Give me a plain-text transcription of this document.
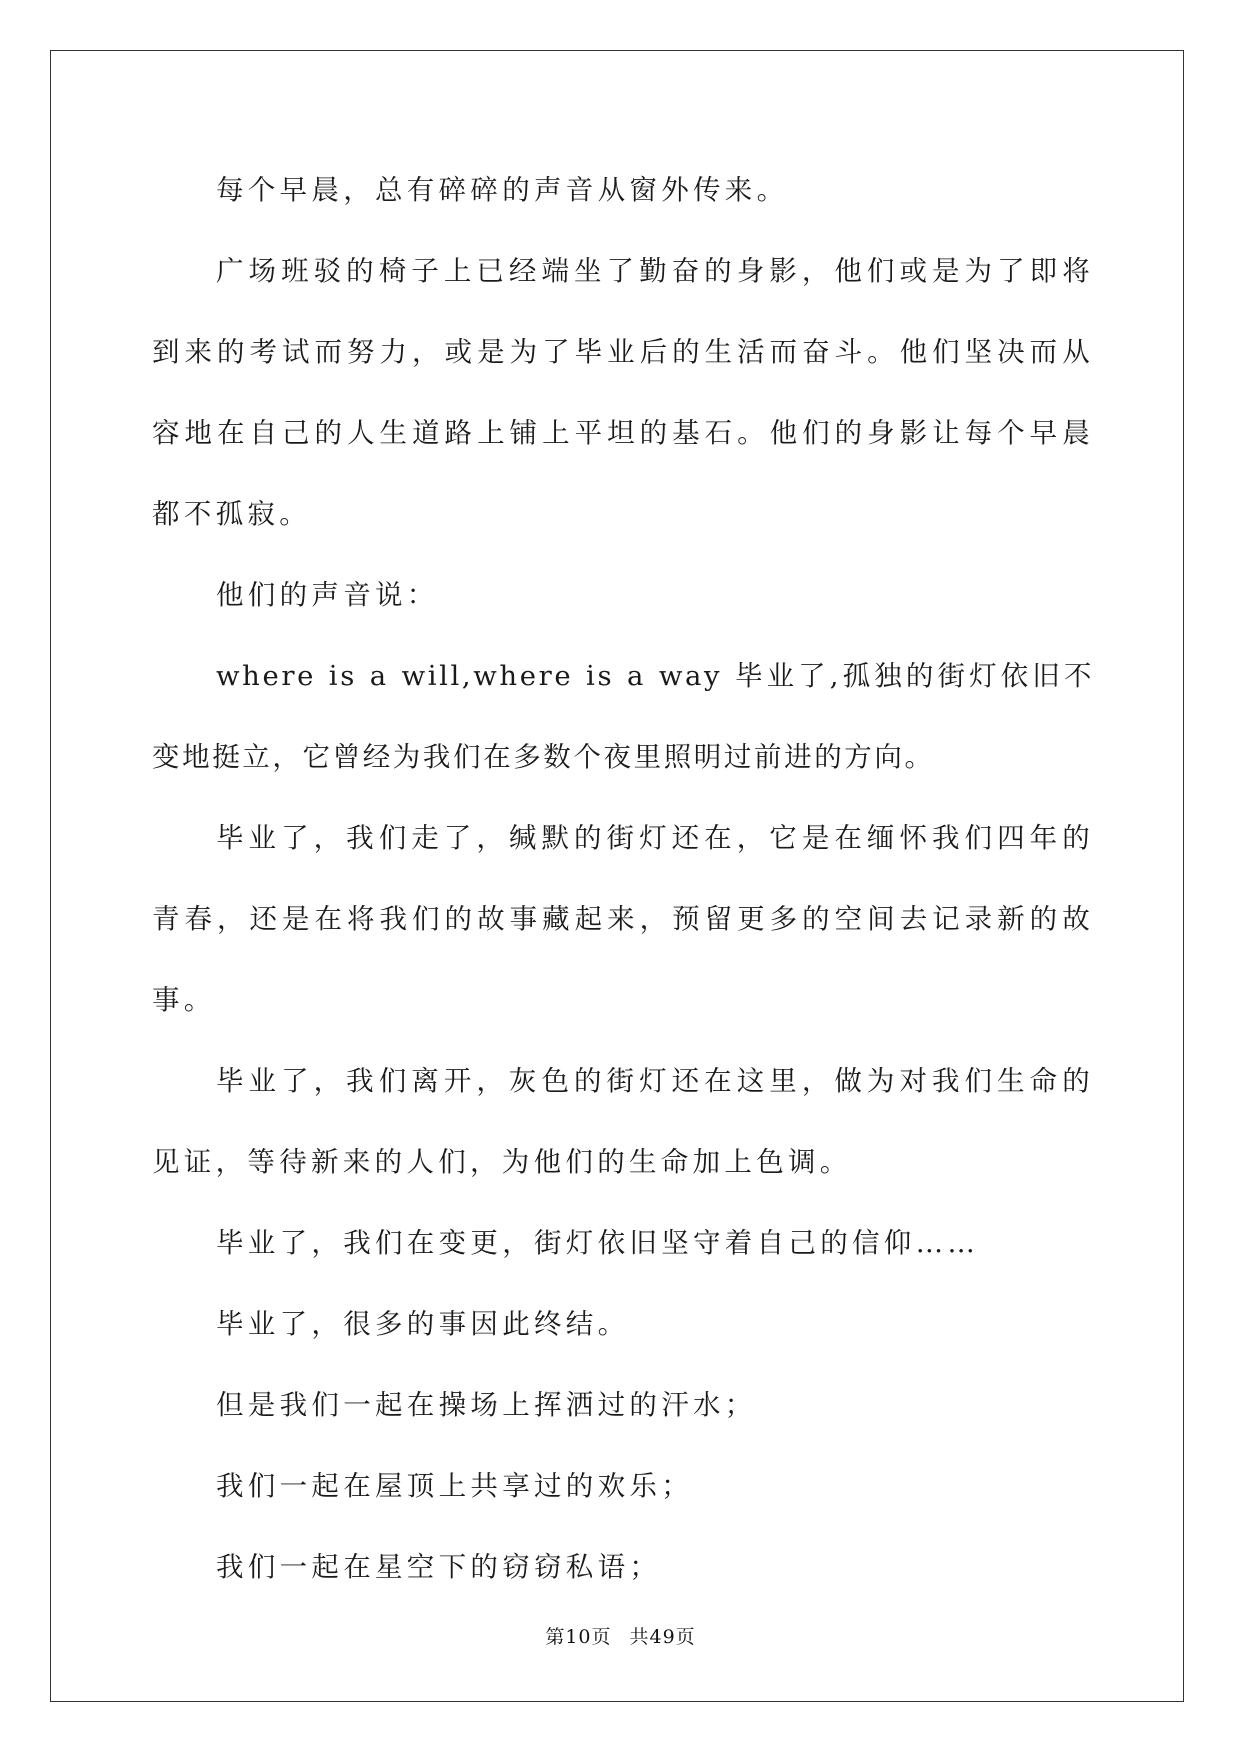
每个早晨，总有碎碎的声音从窗外传来。

广场班驳的椅子上已经端坐了勤奋的身影，他们或是为了即将到来的考试而努力，或是为了毕业后的生活而奋斗。他们坚决而从容地在自己的人生道路上铺上平坦的基石。他们的身影让每个早晨都不孤寂。

他们的声音说：

where is a will,where is a way 毕业了,孤独的街灯依旧不变地挺立，它曾经为我们在多数个夜里照明过前进的方向。

毕业了，我们走了，缄默的街灯还在，它是在缅怀我们四年的青春，还是在将我们的故事藏起来，预留更多的空间去记录新的故事。

毕业了，我们离开，灰色的街灯还在这里，做为对我们生命的见证，等待新来的人们，为他们的生命加上色调。

毕业了，我们在变更，街灯依旧坚守着自己的信仰……

毕业了，很多的事因此终结。

但是我们一起在操场上挥洒过的汗水；

我们一起在屋顶上共享过的欢乐；

我们一起在星空下的窃窃私语；

第10页 共49页
